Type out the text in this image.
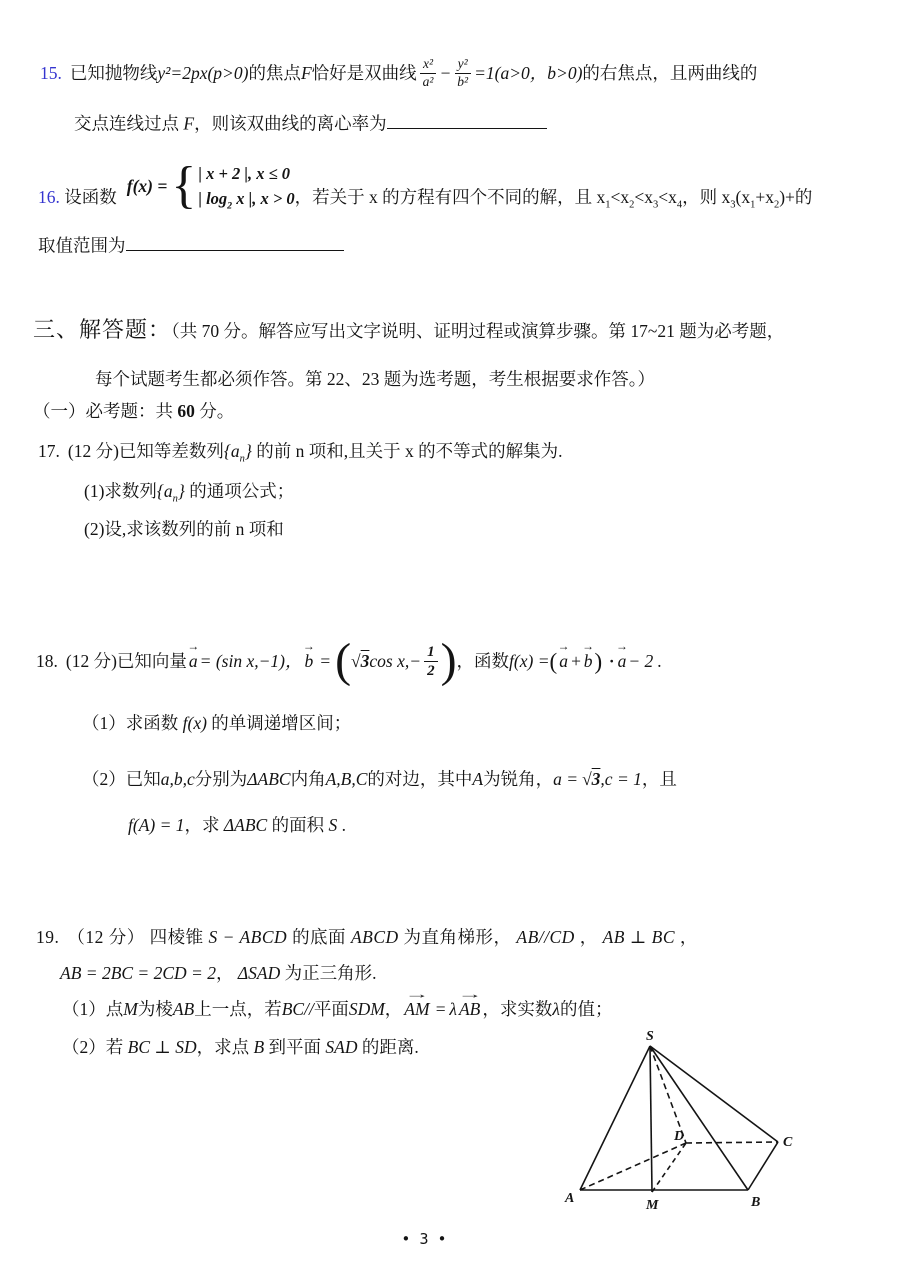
15. 已知抛物线 y²=2px(p>0) 的焦点 F 恰好是双曲线 $\frac{\text{x²}}{\text{a²}} - \frac{\text{y²}}{\text{b²}} =1(a>0$，b>0) 的右焦点，且两曲线的
交点连线过点 F，则该双曲线的离心率为
16. 设函数
f(x) = { | x + 2 |, x ≤ 0
| $\log_2 x$ |, x > 0 ，若关于 x 的方程有四个不同的解，且 $x_1<x_2<x_3<x_4$，则 $x_3(x_1+x_2)+$的
取值范围为
三、解答题：（共 70 分。解答应写出文字说明、证明过程或演算步骤。第 17~21 题为必考题，
每个试题考生都必须作答。第 22、23 题为选考题，考生根据要求作答。）
（一）必考题：共 60 分。
17. (12 分)已知等差数列$\{a_n\}$ 的前 n 项和,且关于 x 的不等式的解集为.
(1)求数列$\{a_n\}$ 的通项公式；
(2)设,求该数列的前 n 项和
18. (12 分)已知向量
→
a = (sin x,−1)，
→
b = ( √3 $\cos x,- \frac{1}{2}$ ) ，函数 f(x) = (
→
a +
→
b ) ·
→
a − 2 .
（1）求函数 f(x) 的单调递增区间；
（2）已知 a,b,c 分别为 ΔABC 内角 A,B,C 的对边，其中 A 为锐角， a = √3 ,c = 1 ，且
f(A) = 1，求 ΔABC 的面积 S .
19. （12 分） 四棱锥 S − ABCD 的底面 ABCD 为直角梯形， AB//CD ， AB ⊥ BC ，
AB = 2BC = 2CD = 2， ΔSAD 为正三角形.
（1）点 M 为棱 AB 上一点，若 BC// 平面 SDM ，
→
AM = λ
→
AB ，求实数 λ 的值；
（2）若 BC ⊥ SD，求点 B 到平面 SAD 的距离.
S
A	M	B
C
D
• 3 •
